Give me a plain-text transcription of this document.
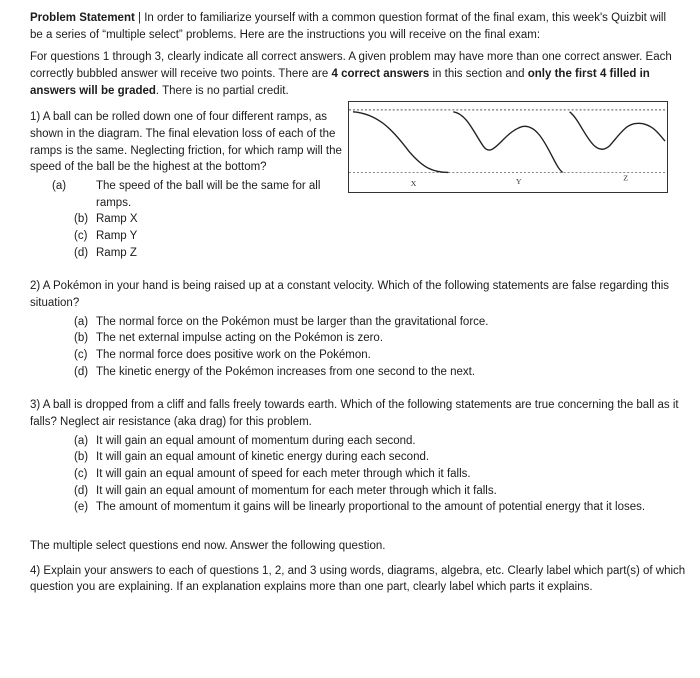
Problem Statement | In order to familiarize yourself with a common question format of the final exam, this week's Quizbit will be a series of “multiple select” problems. Here are the instructions you will receive on the final exam:

For questions 1 through 3, clearly indicate all correct answers. A given problem may have more than one correct answer. Each correctly bubbled answer will receive two points. There are 4 correct answers in this section and only the first 4 filled in answers will be graded. There is no partial credit.

1) A ball can be rolled down one of four different ramps, as shown in the diagram. The final elevation loss of each of the ramps is the same. Neglecting friction, for which ramp will the speed of the ball be the highest at the bottom?

X	Y	Z
(a)	The speed of the ball will be the same for all ramps.
(b) Ramp X
(c) Ramp Y
(d) Ramp Z

2) A Pokémon in your hand is being raised up at a constant velocity. Which of the following statements are false regarding this situation?

(a) The normal force on the Pokémon must be larger than the gravitational force.
(b) The net external impulse acting on the Pokémon is zero.
(c) The normal force does positive work on the Pokémon.
(d) The kinetic energy of the Pokémon increases from one second to the next.

3) A ball is dropped from a cliff and falls freely towards earth. Which of the following statements are true concerning the ball as it falls? Neglect air resistance (aka drag) for this problem.

(a) It will gain an equal amount of momentum during each second.
(b) It will gain an equal amount of kinetic energy during each second.
(c) It will gain an equal amount of speed for each meter through which it falls.
(d) It will gain an equal amount of momentum for each meter through which it falls.
(e) The amount of momentum it gains will be linearly proportional to the amount of potential energy that it loses.

The multiple select questions end now. Answer the following question.

4) Explain your answers to each of questions 1, 2, and 3 using words, diagrams, algebra, etc. Clearly label which part(s) of which question you are explaining. If an explanation explains more than one part, clearly label which parts it explains.
